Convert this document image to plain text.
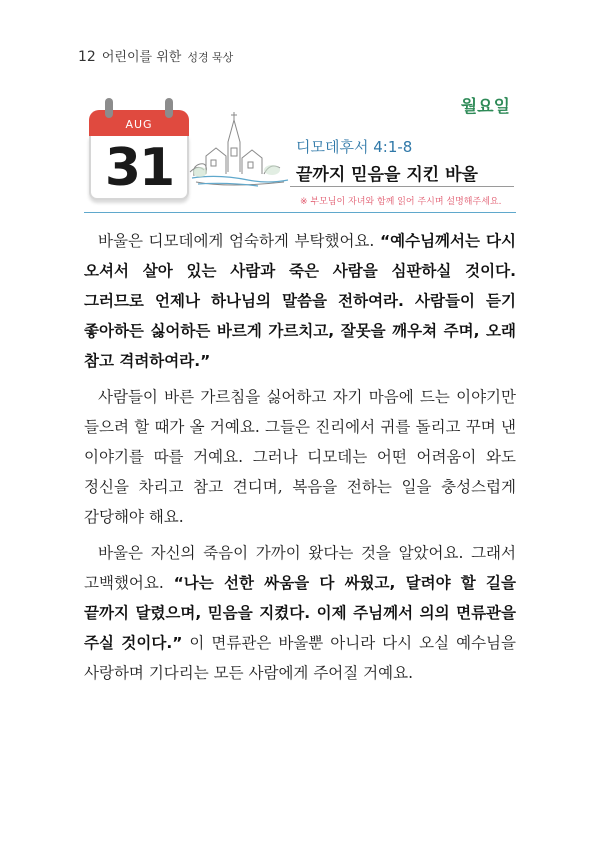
12 어린이를 위한 성경 묵상
AUG
31
월요일
디모데후서 4:1-8
끝까지 믿음을 지킨 바울
※ 부모님이 자녀와 함께 읽어 주시며 설명해주세요.

바울은 디모데에게 엄숙하게 부탁했어요. “예수님께서는 다시 오셔서 살아 있는 사람과 죽은 사람을 심판하실 것이다. 그러므로 언제나 하나님의 말씀을 전하여라. 사람들이 듣기 좋아하든 싫어하든 바르게 가르치고, 잘못을 깨우쳐 주며, 오래 참고 격려하여라.”

사람들이 바른 가르침을 싫어하고 자기 마음에 드는 이야기만 들으려 할 때가 올 거예요. 그들은 진리에서 귀를 돌리고 꾸며 낸 이야기를 따를 거예요. 그러나 디모데는 어떤 어려움이 와도 정신을 차리고 참고 견디며, 복음을 전하는 일을 충성스럽게 감당해야 해요.

바울은 자신의 죽음이 가까이 왔다는 것을 알았어요. 그래서 고백했어요. “나는 선한 싸움을 다 싸웠고, 달려야 할 길을 끝까지 달렸으며, 믿음을 지켰다. 이제 주님께서 의의 면류관을 주실 것이다.” 이 면류관은 바울뿐 아니라 다시 오실 예수님을 사랑하며 기다리는 모든 사람에게 주어질 거예요.
